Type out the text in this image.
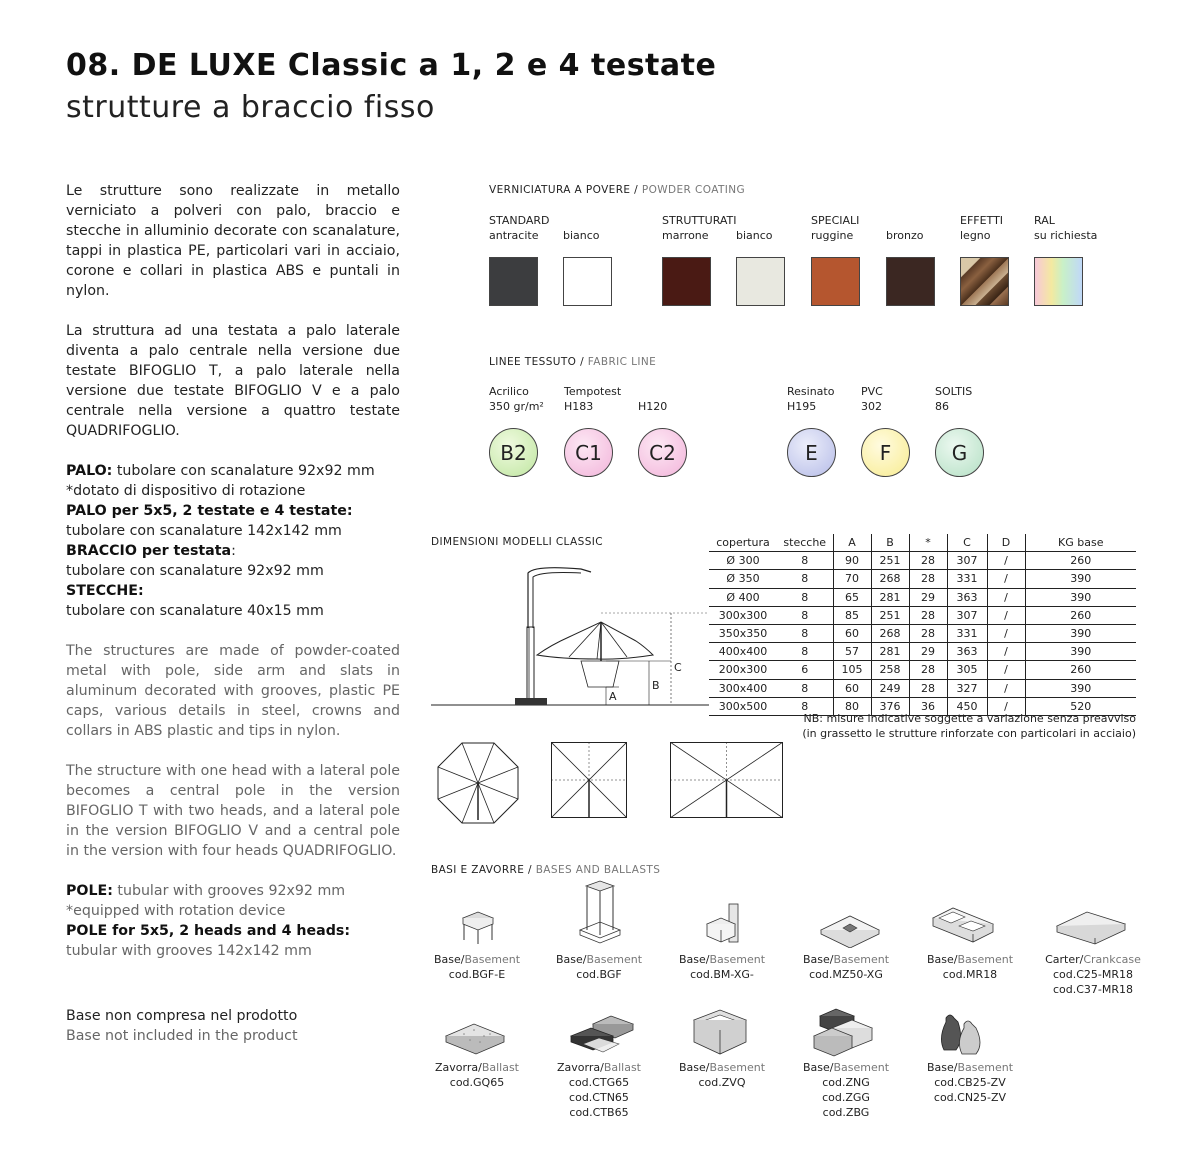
08. DE LUXE Classic a 1, 2 e 4 testate
strutture a braccio fisso

Le strutture sono realizzate in metallo verniciato a polveri con palo, braccio e stecche in alluminio decorate con scanalature, tappi in plastica PE, particolari vari in acciaio, corone e collari in plastica ABS e puntali in nylon.

La struttura ad una testata a palo laterale diventa a palo centrale nella versione due testate BIFOGLIO T, a palo laterale nella versione due testate BIFOGLIO V e a palo centrale nella versione a quattro testate QUADRIFOGLIO.

PALO: tubolare con scanalature 92x92 mm
*dotato di dispositivo di rotazione
PALO per 5x5, 2 testate e 4 testate:
tubolare con scanalature 142x142 mm
BRACCIO per testata:
tubolare con scanalature 92x92 mm
STECCHE:
tubolare con scanalature 40x15 mm

The structures are made of powder-coated metal with pole, side arm and slats in aluminum decorated with grooves, plastic PE caps, various details in steel, crowns and collars in ABS plastic and tips in nylon.

The structure with one head with a lateral pole becomes a central pole in the version BIFOGLIO T with two heads, and a lateral pole in the version BIFOGLIO V and a central pole in the version with four heads QUADRIFOGLIO.

POLE: tubular with grooves 92x92 mm
*equipped with rotation device
POLE for 5x5, 2 heads and 4 heads:
tubular with grooves 142x142 mm
Base non compresa nel prodotto
Base not included in the product
VERNICIATURA A POVERE / POWDER COATING
STANDARD
antracite	bianco
STRUTTURATI
marrone	bianco
SPECIALI
ruggine	bronzo
EFFETTI
legno
RAL
su richiesta
LINEE TESSUTO / FABRIC LINE
Acrilico
350 gr/m²
Tempotest
H183	H120
Resinato
H195
PVC
302
SOLTIS
86
B2	C1	C2	E	F	G
DIMENSIONI MODELLI CLASSIC	copertura	stecche	A	B	*	C	D	KG base
Ø 300	8	90	251	28	307	/	260
Ø 350	8	70	268	28	331	/	390
Ø 400	8	65	281	29	363	/	390
300x300	8	85	251	28	307	/	260
350x350	8	60	268	28	331	/	390
400x400	8	57	281	29	363	/	390
200x300	6	105	258	28	305	/	260
300x400	8	60	249	28	327	/	390
300x500	8	80	376	36	450	/	520
A
B
C
NB: misure indicative soggette a variazione senza preavviso
(in grassetto le strutture rinforzate con particolari in acciaio)
BASI E ZAVORRE / BASES AND BALLASTS
Base/Basement
cod.BGF-E
Base/Basement
cod.BGF
Base/Basement
cod.BM-XG-
Base/Basement
cod.MZ50-XG
Base/Basement
cod.MR18
Carter/Crankcase
cod.C25-MR18
cod.C37-MR18
Zavorra/Ballast
cod.GQ65
Zavorra/Ballast
cod.CTG65
cod.CTN65
cod.CTB65
Base/Basement
cod.ZVQ
Base/Basement
cod.ZNG
cod.ZGG
cod.ZBG
Base/Basement
cod.CB25-ZV
cod.CN25-ZV
